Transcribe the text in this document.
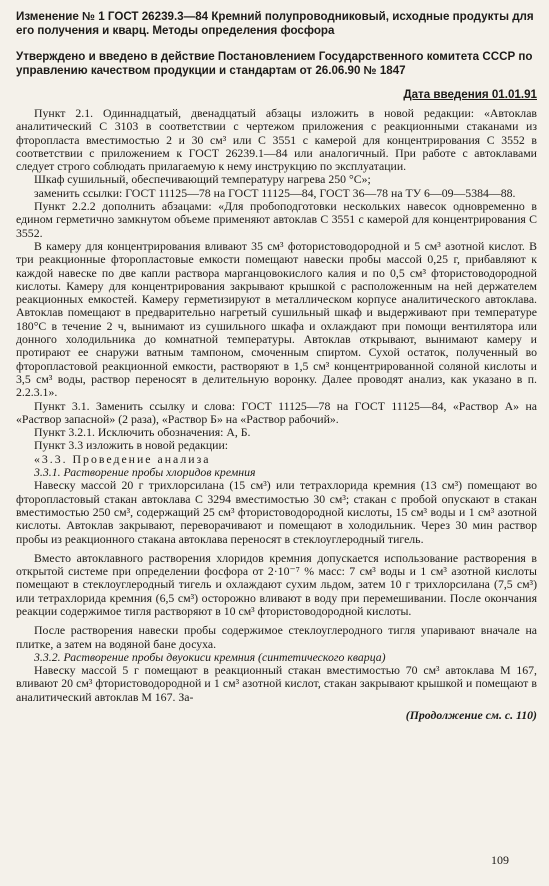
Изменение № 1 ГОСТ 26239.3—84 Кремний полупроводниковый, исходные продукты для его получения и кварц. Методы определения фосфора

Утверждено и введено в действие Постановлением Государственного комитета СССР по управлению качеством продукции и стандартам от 26.06.90 № 1847

Дата введения 01.01.91

Пункт 2.1. Одиннадцатый, двенадцатый абзацы изложить в новой редакции: «Автоклав аналитический С 3103 в соответствии с чертежом приложения с реакционными стаканами из фторопласта вместимостью 2 и 30 см³ или С 3551 с камерой для концентрирования С 3552 в соответствии с приложением к ГОСТ 26239.1—84 или аналогичный. При работе с автоклавами следует строго соблюдать прилагаемую к нему инструкцию по эксплуатации.

Шкаф сушильный, обеспечивающий температуру нагрева 250 °С»;

заменить ссылки: ГОСТ 11125—78 на ГОСТ 11125—84, ГОСТ 36—78 на ТУ 6—09—5384—88.

Пункт 2.2.2 дополнить абзацами: «Для пробоподготовки нескольких навесок одновременно в едином герметично замкнутом объеме применяют автоклав С 3551 с камерой для концентрирования С 3552.

В камеру для концентрирования вливают 35 см³ фотористоводородной и 5 см³ азотной кислот. В три реакционные фторопластовые емкости помещают навески пробы массой 0,25 г, прибавляют к каждой навеске по две капли раствора марганцовокислого калия и по 0,5 см³ фтористоводородной кислоты. Камеру для концентрирования закрывают крышкой с расположенным на ней держателем реакционных емкостей. Камеру герметизируют в металлическом корпусе аналитического автоклава. Автоклав помещают в предварительно нагретый сушильный шкаф и выдерживают при температуре 180°С в течение 2 ч, вынимают из сушильного шкафа и охлаждают при помощи вентилятора или донного холодильника до комнатной температуры. Автоклав открывают, вынимают камеру и протирают ее снаружи ватным тампоном, смоченным спиртом. Сухой остаток, полученный во фторопластовой реакционной емкости, растворяют в 1,5 см³ концентрированной соляной кислоты и 3,5 см³ воды, раствор переносят в делительную воронку. Далее проводят анализ, как указано в п. 2.2.3.1».

Пункт 3.1. Заменить ссылку и слова: ГОСТ 11125—78 на ГОСТ 11125—84, «Раствор А» на «Раствор запасной» (2 раза), «Раствор Б» на «Раствор рабочий».

Пункт 3.2.1. Исключить обозначения: А, Б.

Пункт 3.3 изложить в новой редакции:

«3.3. Проведение анализа

3.3.1. Растворение пробы хлоридов кремния

Навеску массой 20 г трихлорсилана (15 см³) или тетрахлорида кремния (13 см³) помещают во фторопластовый стакан автоклава С 3294 вместимостью 30 см³; стакан с пробой опускают в стакан вместимостью 250 см³, содержащий 25 см³ фтористоводородной кислоты, 15 см³ воды и 1 см³ азотной кислоты. Автоклав закрывают, переворачивают и помещают в холодильник. Через 30 мин раствор пробы из реакционного стакана автоклава переносят в стеклоуглеродный тигель.

Вместо автоклавного растворения хлоридов кремния допускается использование растворения в открытой системе при определении фосфора от 2·10⁻⁷ % масс: 7 см³ воды и 1 см³ азотной кислоты помещают в стеклоуглеродный тигель и охлаждают сухим льдом, затем 10 г трихлорсилана (7,5 см³) или тетрахлорида кремния (6,5 см³) осторожно вливают в воду при перемешивании. После окончания реакции содержимое тигля растворяют в 10 см³ фтористоводородной кислоты.

После растворения навески пробы содержимое стеклоуглеродного тигля упаривают вначале на плитке, а затем на водяной бане досуха.

3.3.2. Растворение пробы двуокиси кремния (синтетического кварца)

Навеску массой 5 г помещают в реакционный стакан вместимостью 70 см³ автоклава М 167, вливают 20 см³ фтористоводородной и 1 см³ азотной кислот, стакан закрывают крышкой и помещают в аналитический автоклав М 167. За-

(Продолжение см. с. 110)
109
